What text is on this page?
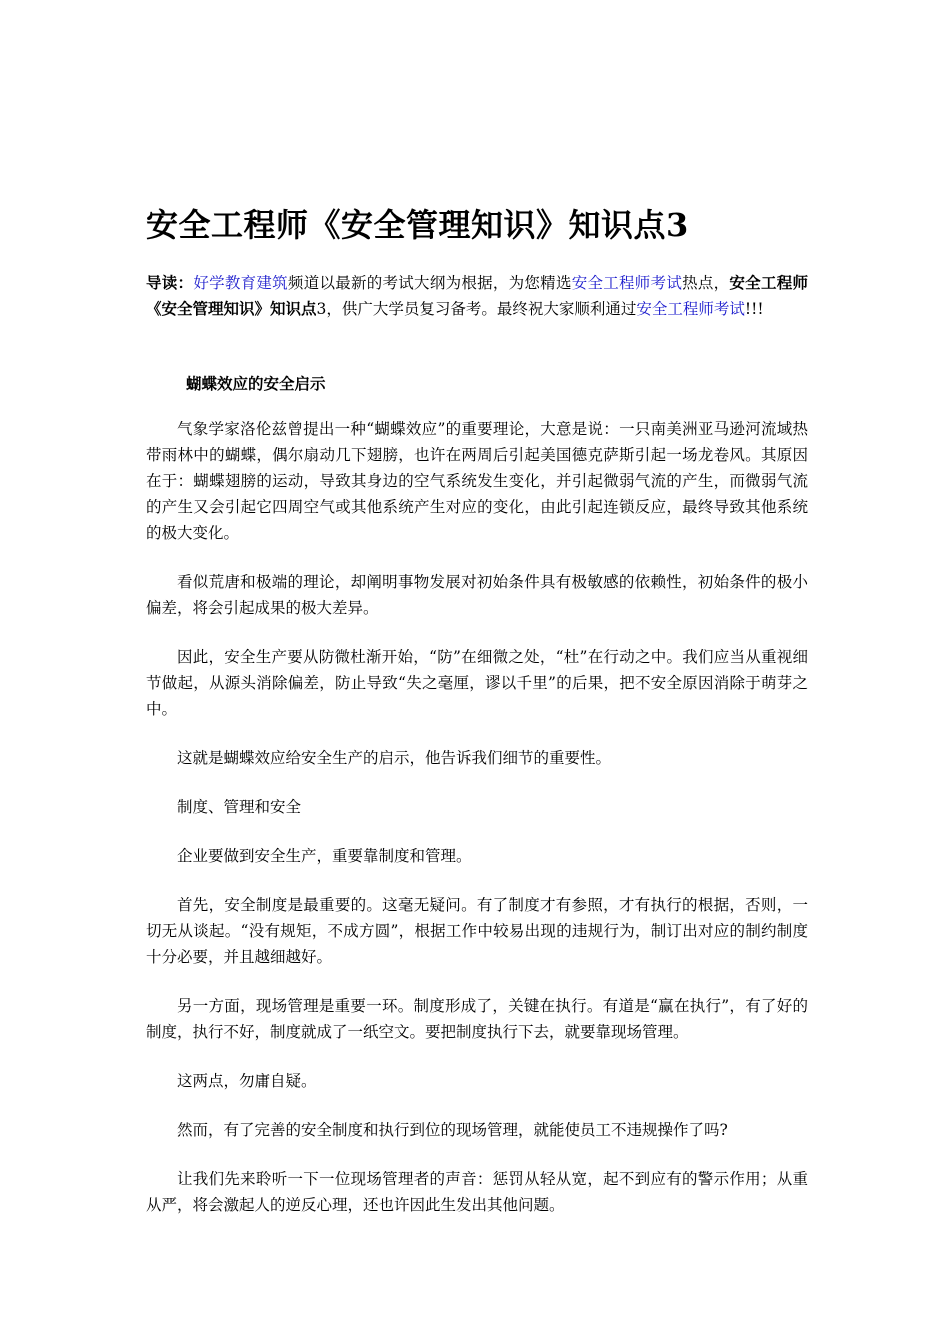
安全工程师《安全管理知识》知识点3

导读：好学教育建筑频道以最新的考试大纲为根据，为您精选安全工程师考试热点，安全工程师《安全管理知识》知识点3，供广大学员复习备考。最终祝大家顺利通过安全工程师考试!!!

蝴蝶效应的安全启示

气象学家洛伦兹曾提出一种“蝴蝶效应”的重要理论，大意是说：一只南美洲亚马逊河流域热带雨林中的蝴蝶，偶尔扇动几下翅膀，也许在两周后引起美国德克萨斯引起一场龙卷风。其原因在于：蝴蝶翅膀的运动，导致其身边的空气系统发生变化，并引起微弱气流的产生，而微弱气流的产生又会引起它四周空气或其他系统产生对应的变化，由此引起连锁反应，最终导致其他系统的极大变化。

看似荒唐和极端的理论，却阐明事物发展对初始条件具有极敏感的依赖性，初始条件的极小偏差，将会引起成果的极大差异。

因此，安全生产要从防微杜渐开始，“防”在细微之处，“杜”在行动之中。我们应当从重视细节做起，从源头消除偏差，防止导致“失之毫厘，谬以千里”的后果，把不安全原因消除于萌芽之中。

这就是蝴蝶效应给安全生产的启示，他告诉我们细节的重要性。

制度、管理和安全

企业要做到安全生产，重要靠制度和管理。

首先，安全制度是最重要的。这毫无疑问。有了制度才有参照，才有执行的根据，否则，一切无从谈起。“没有规矩，不成方圆”，根据工作中较易出现的违规行为，制订出对应的制约制度十分必要，并且越细越好。

另一方面，现场管理是重要一环。制度形成了，关键在执行。有道是“赢在执行”，有了好的制度，执行不好，制度就成了一纸空文。要把制度执行下去，就要靠现场管理。

这两点，勿庸自疑。

然而，有了完善的安全制度和执行到位的现场管理，就能使员工不违规操作了吗?

让我们先来聆听一下一位现场管理者的声音：惩罚从轻从宽，起不到应有的警示作用；从重从严，将会激起人的逆反心理，还也许因此生发出其他问题。
